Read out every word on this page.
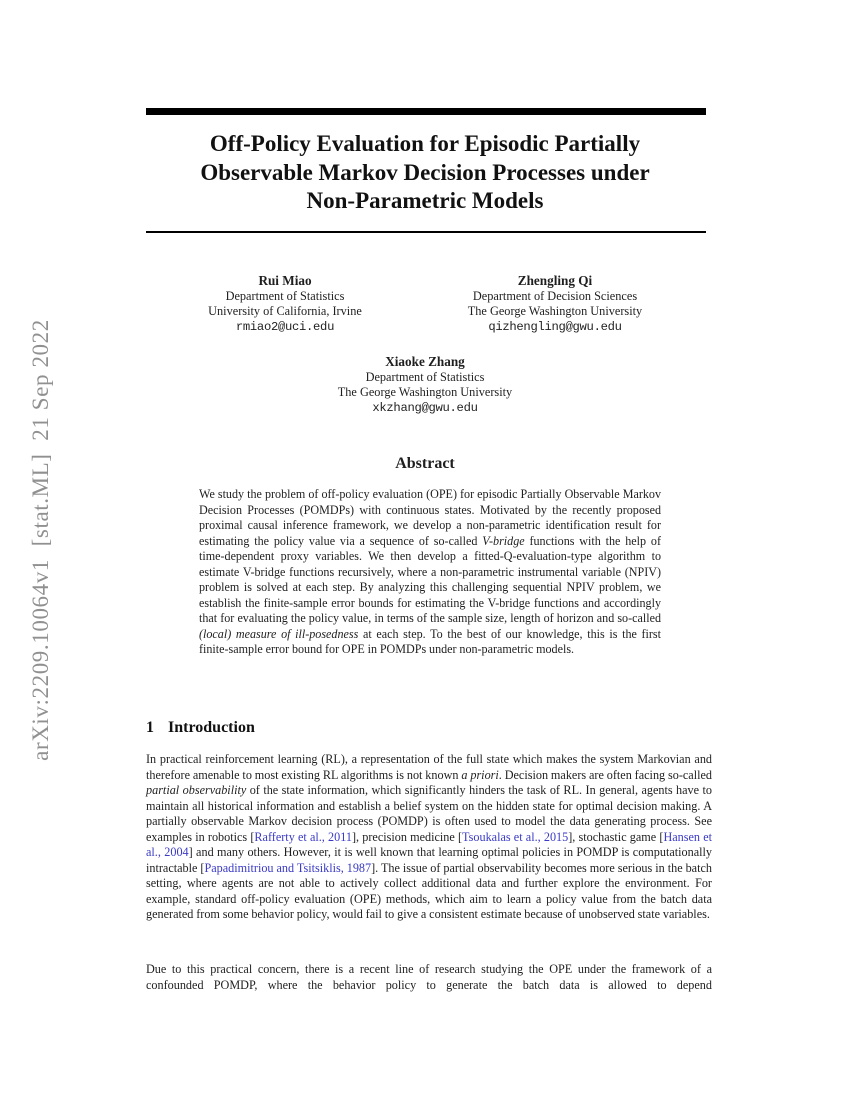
arXiv:2209.10064v1  [stat.ML]  21 Sep 2022
Off-Policy Evaluation for Episodic Partially
Observable Markov Decision Processes under
Non-Parametric Models
Rui Miao
Department of Statistics
University of California, Irvine
rmiao2@uci.edu
Zhengling Qi
Department of Decision Sciences
The George Washington University
qizhengling@gwu.edu
Xiaoke Zhang
Department of Statistics
The George Washington University
xkzhang@gwu.edu
Abstract
We study the problem of off-policy evaluation (OPE) for episodic Partially Observable Markov Decision Processes (POMDPs) with continuous states. Motivated by the recently proposed proximal causal inference framework, we develop a non-parametric identification result for estimating the policy value via a sequence of so-called V-bridge functions with the help of time-dependent proxy variables. We then develop a fitted-Q-evaluation-type algorithm to estimate V-bridge functions recursively, where a non-parametric instrumental variable (NPIV) problem is solved at each step. By analyzing this challenging sequential NPIV problem, we establish the finite-sample error bounds for estimating the V-bridge functions and accordingly that for evaluating the policy value, in terms of the sample size, length of horizon and so-called (local) measure of ill-posedness at each step. To the best of our knowledge, this is the first finite-sample error bound for OPE in POMDPs under non-parametric models.
1 Introduction
In practical reinforcement learning (RL), a representation of the full state which makes the system Markovian and therefore amenable to most existing RL algorithms is not known a priori. Decision makers are often facing so-called partial observability of the state information, which significantly hinders the task of RL. In general, agents have to maintain all historical information and establish a belief system on the hidden state for optimal decision making. A partially observable Markov decision process (POMDP) is often used to model the data generating process. See examples in robotics [Rafferty et al., 2011], precision medicine [Tsoukalas et al., 2015], stochastic game [Hansen et al., 2004] and many others. However, it is well known that learning optimal policies in POMDP is computationally intractable [Papadimitriou and Tsitsiklis, 1987]. The issue of partial observability becomes more serious in the batch setting, where agents are not able to actively collect additional data and further explore the environment. For example, standard off-policy evaluation (OPE) methods, which aim to learn a policy value from the batch data generated from some behavior policy, would fail to give a consistent estimate because of unobserved state variables.
Due to this practical concern, there is a recent line of research studying the OPE under the framework of a confounded POMDP, where the behavior policy to generate the batch data is allowed to depend
